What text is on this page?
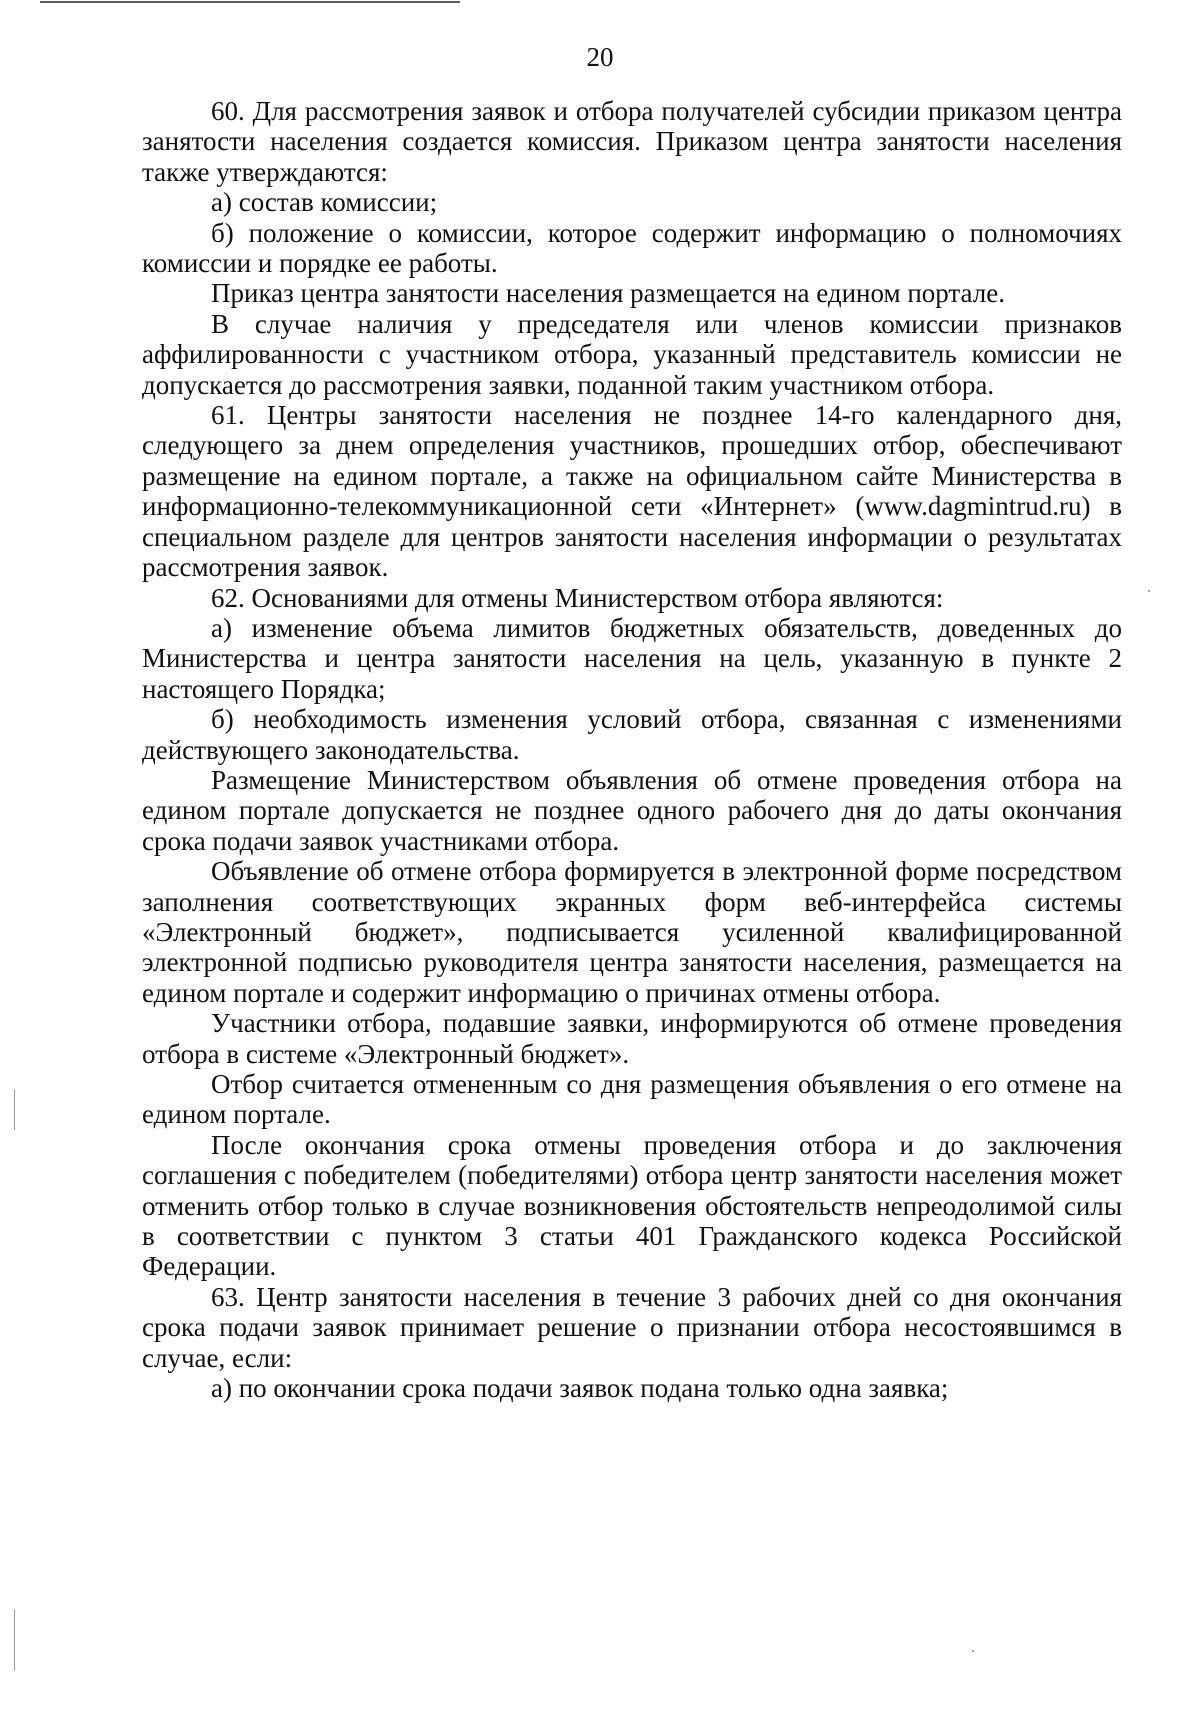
20

60. Для рассмотрения заявок и отбора получателей субсидии приказом центра занятости населения создается комиссия. Приказом центра занятости населения также утверждаются:

а) состав комиссии;

б) положение о комиссии, которое содержит информацию о полномочиях комиссии и порядке ее работы.

Приказ центра занятости населения размещается на едином портале.

В случае наличия у председателя или членов комиссии признаков аффилированности с участником отбора, указанный представитель комиссии не допускается до рассмотрения заявки, поданной таким участником отбора.

61. Центры занятости населения не позднее 14-го календарного дня, следующего за днем определения участников, прошедших отбор, обеспечивают размещение на едином портале, а также на официальном сайте Министерства в информационно-телекоммуникационной сети «Интернет» (www.dagmintrud.ru) в специальном разделе для центров занятости населения информации о результатах рассмотрения заявок.

62. Основаниями для отмены Министерством отбора являются:

а) изменение объема лимитов бюджетных обязательств, доведенных до Министерства и центра занятости населения на цель, указанную в пункте 2 настоящего Порядка;

б) необходимость изменения условий отбора, связанная с изменениями действующего законодательства.

Размещение Министерством объявления об отмене проведения отбора на едином портале допускается не позднее одного рабочего дня до даты окончания срока подачи заявок участниками отбора.

Объявление об отмене отбора формируется в электронной форме посредством заполнения соответствующих экранных форм веб-интерфейса системы «Электронный бюджет», подписывается усиленной квалифицированной электронной подписью руководителя центра занятости населения, размещается на едином портале и содержит информацию о причинах отмены отбора.

Участники отбора, подавшие заявки, информируются об отмене проведения отбора в системе «Электронный бюджет».

Отбор считается отмененным со дня размещения объявления о его отмене на едином портале.

После окончания срока отмены проведения отбора и до заключения соглашения с победителем (победителями) отбора центр занятости населения может отменить отбор только в случае возникновения обстоятельств непреодолимой силы в соответствии с пунктом 3 статьи 401 Гражданского кодекса Российской Федерации.

63. Центр занятости населения в течение 3 рабочих дней со дня окончания срока подачи заявок принимает решение о признании отбора несостоявшимся в случае, если:

а) по окончании срока подачи заявок подана только одна заявка;
